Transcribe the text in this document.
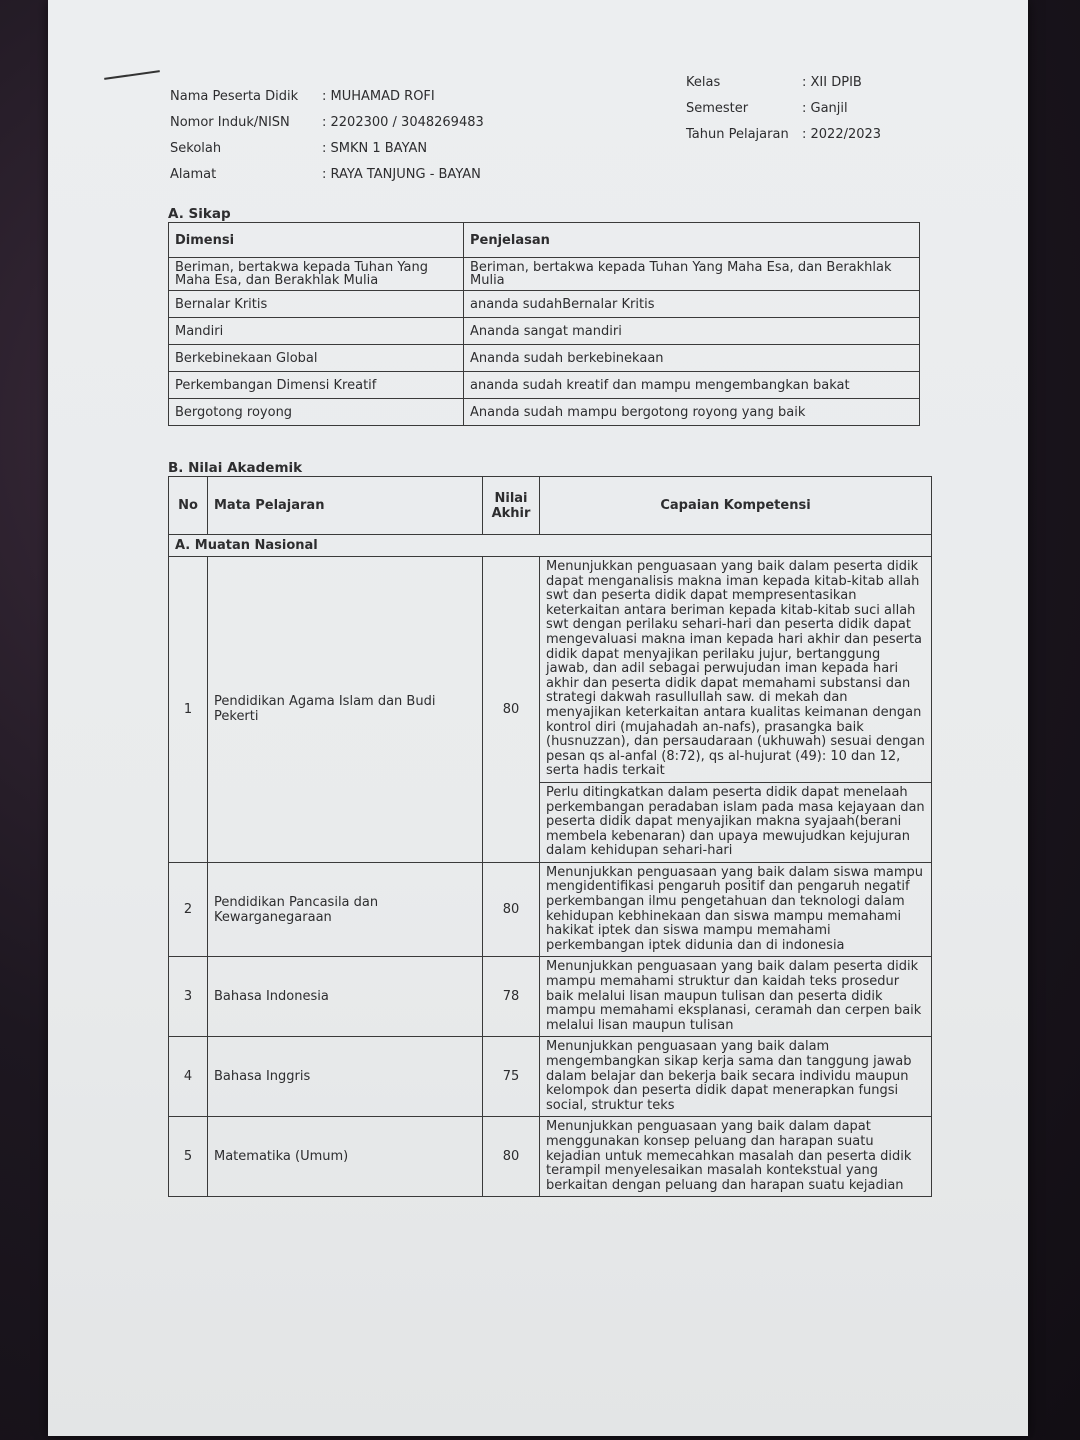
Nama Peserta Didik	: MUHAMAD ROFI
Nomor Induk/NISN	: 2202300 / 3048269483
Sekolah	: SMKN 1 BAYAN
Alamat	: RAYA TANJUNG - BAYAN
Kelas	: XII DPIB
Semester	: Ganjil
Tahun Pelajaran	: 2022/2023
A. Sikap
Dimensi	Penjelasan
Beriman, bertakwa kepada Tuhan Yang Maha Esa, dan Berakhlak Mulia	Beriman, bertakwa kepada Tuhan Yang Maha Esa, dan Berakhlak Mulia
Bernalar Kritis	ananda sudahBernalar Kritis
Mandiri	Ananda sangat mandiri
Berkebinekaan Global	Ananda sudah berkebinekaan
Perkembangan Dimensi Kreatif	ananda sudah kreatif dan mampu mengembangkan bakat
Bergotong royong	Ananda sudah mampu bergotong royong yang baik
B. Nilai Akademik
No	Mata Pelajaran	Nilai Akhir	Capaian Kompetensi
A. Muatan Nasional			
1	Pendidikan Agama Islam dan Budi Pekerti	80	Menunjukkan penguasaan yang baik dalam peserta didik dapat menganalisis makna iman kepada kitab-kitab allah swt dan peserta didik dapat mempresentasikan keterkaitan antara beriman kepada kitab-kitab suci allah swt dengan perilaku sehari-hari dan peserta didik dapat mengevaluasi makna iman kepada hari akhir dan peserta didik dapat menyajikan perilaku jujur, bertanggung jawab, dan adil sebagai perwujudan iman kepada hari akhir dan peserta didik dapat memahami substansi dan strategi dakwah rasullullah saw. di mekah dan menyajikan keterkaitan antara kualitas keimanan dengan kontrol diri (mujahadah an-nafs), prasangka baik (husnuzzan), dan persaudaraan (ukhuwah) sesuai dengan pesan qs al-anfal (8:72), qs al-hujurat (49): 10 dan 12, serta hadis terkait
			Perlu ditingkatkan dalam peserta didik dapat menelaah perkembangan peradaban islam pada masa kejayaan dan peserta didik dapat menyajikan makna syajaah(berani membela kebenaran) dan upaya mewujudkan kejujuran dalam kehidupan sehari-hari
2	Pendidikan Pancasila dan Kewarganegaraan	80	Menunjukkan penguasaan yang baik dalam siswa mampu mengidentifikasi pengaruh positif dan pengaruh negatif perkembangan ilmu pengetahuan dan teknologi dalam kehidupan kebhinekaan dan siswa mampu memahami hakikat iptek dan siswa mampu memahami perkembangan iptek didunia dan di indonesia
3	Bahasa Indonesia	78	Menunjukkan penguasaan yang baik dalam peserta didik mampu memahami struktur dan kaidah teks prosedur baik melalui lisan maupun tulisan dan peserta didik mampu memahami eksplanasi, ceramah dan cerpen baik melalui lisan maupun tulisan
4	Bahasa Inggris	75	Menunjukkan penguasaan yang baik dalam mengembangkan sikap kerja sama dan tanggung jawab dalam belajar dan bekerja baik secara individu maupun kelompok dan peserta didik dapat menerapkan fungsi social, struktur teks
5	Matematika (Umum)	80	Menunjukkan penguasaan yang baik dalam dapat menggunakan konsep peluang dan harapan suatu kejadian untuk memecahkan masalah dan peserta didik terampil menyelesaikan masalah kontekstual yang berkaitan dengan peluang dan harapan suatu kejadian
